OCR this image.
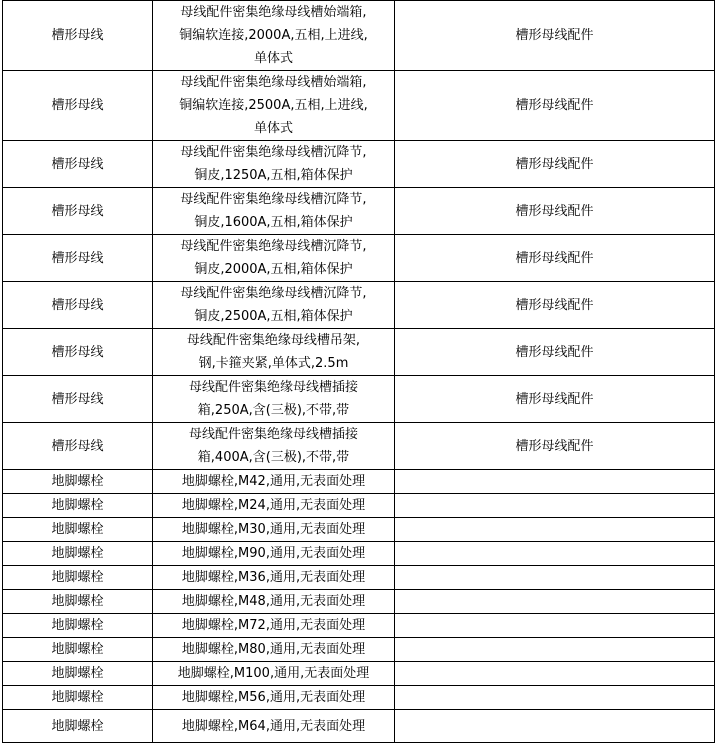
槽形母线	母线配件密集绝缘母线槽始端箱,
铜编软连接,2000A,五相,上进线,
单体式	槽形母线配件
槽形母线	母线配件密集绝缘母线槽始端箱,
铜编软连接,2500A,五相,上进线,
单体式	槽形母线配件
槽形母线	母线配件密集绝缘母线槽沉降节,
铜皮,1250A,五相,箱体保护	槽形母线配件
槽形母线	母线配件密集绝缘母线槽沉降节,
铜皮,1600A,五相,箱体保护	槽形母线配件
槽形母线	母线配件密集绝缘母线槽沉降节,
铜皮,2000A,五相,箱体保护	槽形母线配件
槽形母线	母线配件密集绝缘母线槽沉降节,
铜皮,2500A,五相,箱体保护	槽形母线配件
槽形母线	母线配件密集绝缘母线槽吊架,
钢,卡箍夹紧,单体式,2.5m	槽形母线配件
槽形母线	母线配件密集绝缘母线槽插接
箱,250A,含(三极),不带,带	槽形母线配件
槽形母线	母线配件密集绝缘母线槽插接
箱,400A,含(三极),不带,带	槽形母线配件
地脚螺栓	地脚螺栓,M42,通用,无表面处理	
地脚螺栓	地脚螺栓,M24,通用,无表面处理	
地脚螺栓	地脚螺栓,M30,通用,无表面处理	
地脚螺栓	地脚螺栓,M90,通用,无表面处理	
地脚螺栓	地脚螺栓,M36,通用,无表面处理	
地脚螺栓	地脚螺栓,M48,通用,无表面处理	
地脚螺栓	地脚螺栓,M72,通用,无表面处理	
地脚螺栓	地脚螺栓,M80,通用,无表面处理	
地脚螺栓	地脚螺栓,M100,通用,无表面处理	
地脚螺栓	地脚螺栓,M56,通用,无表面处理	
地脚螺栓	地脚螺栓,M64,通用,无表面处理	
